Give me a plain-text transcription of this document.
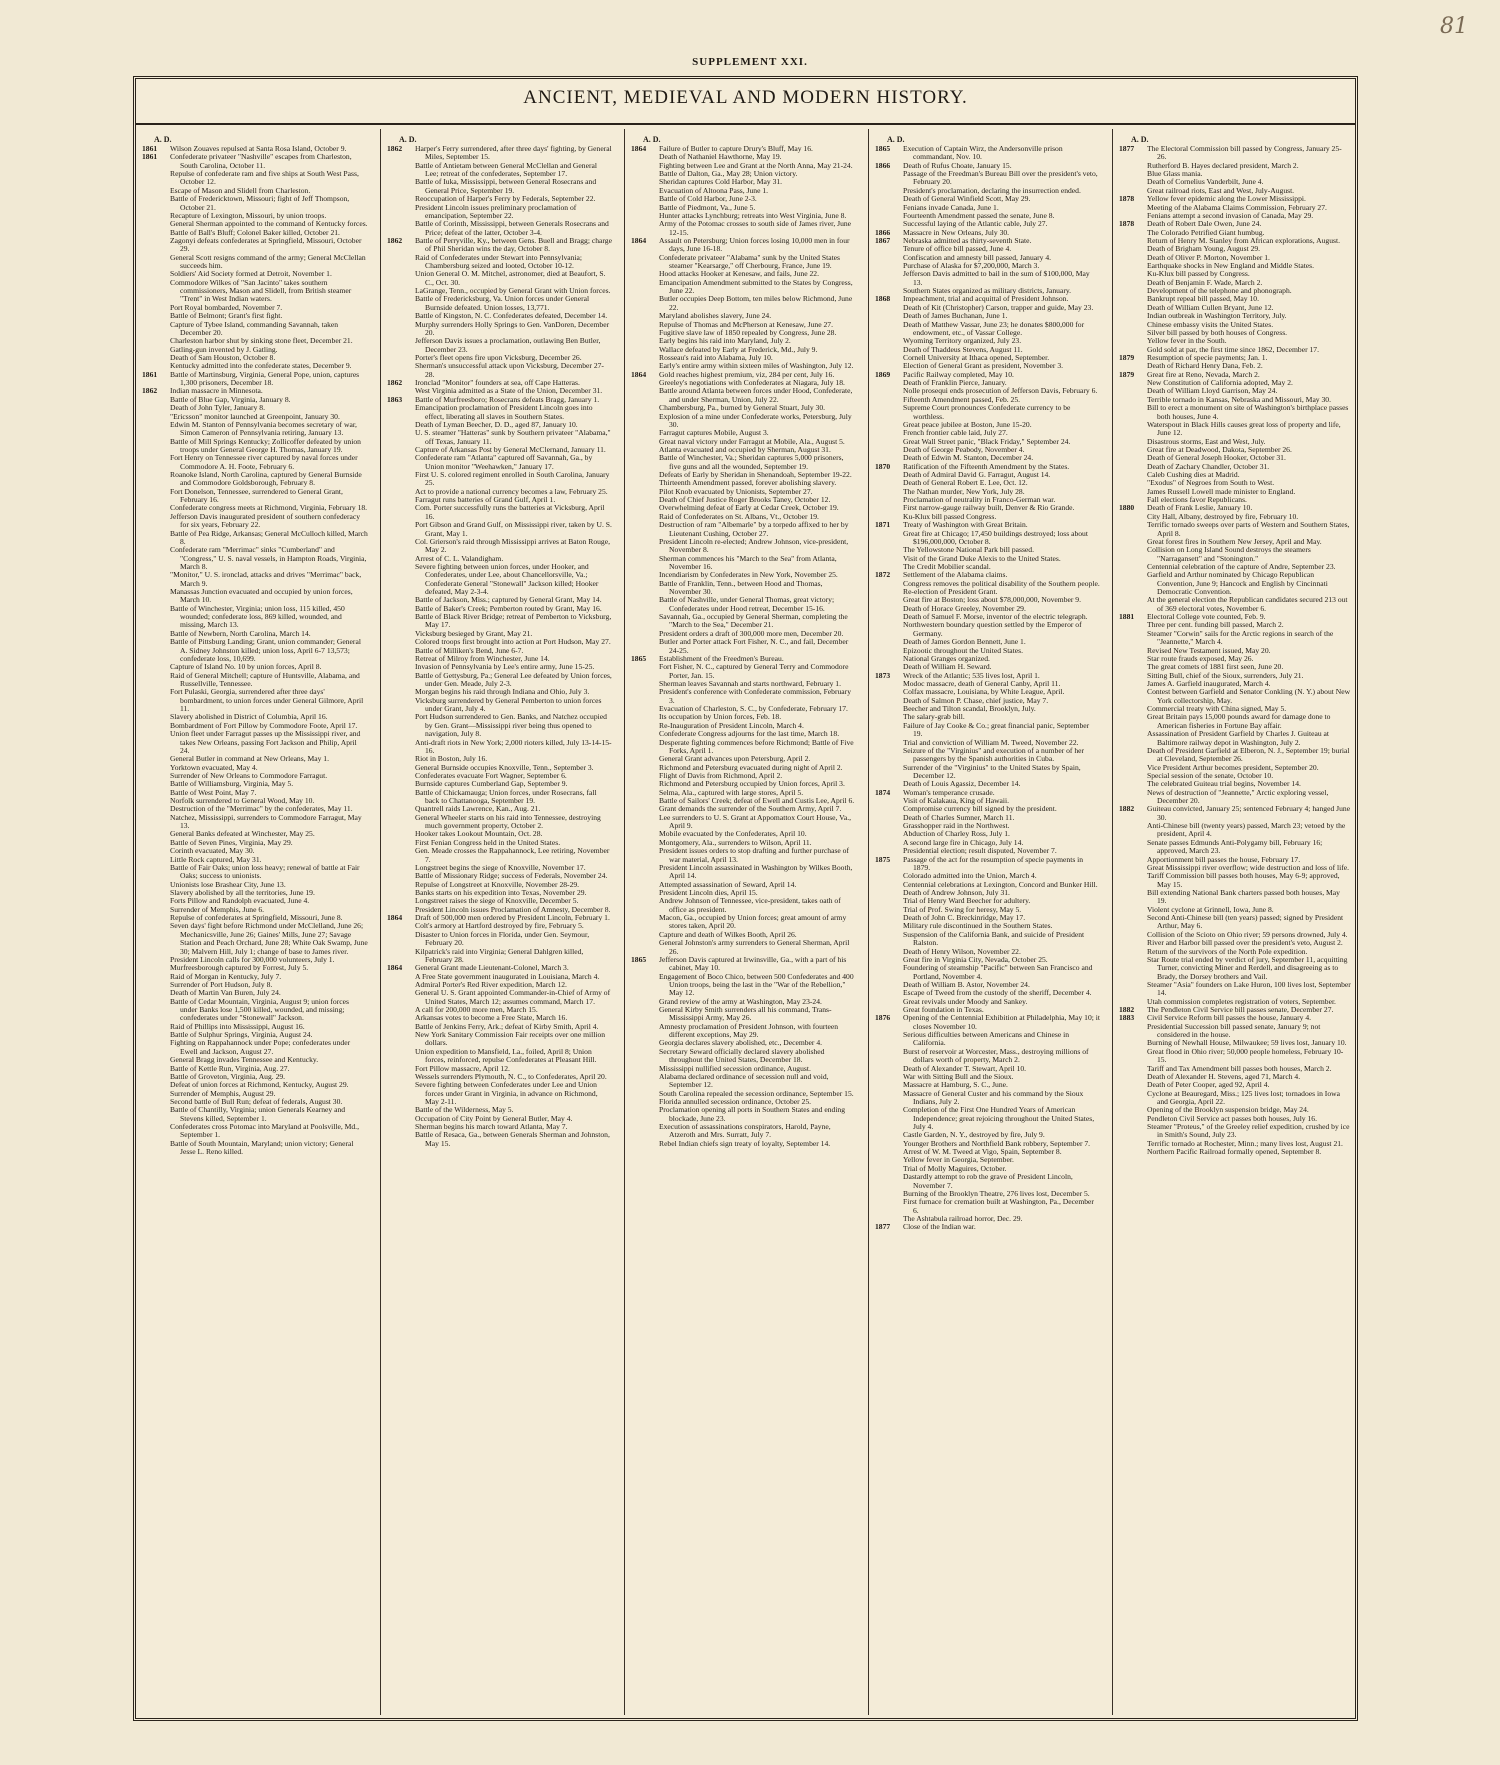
81
SUPPLEMENT XXI.
ANCIENT, MEDIEVAL AND MODERN HISTORY.
A. D.
1861	Wilson Zouaves repulsed at Santa Rosa Island, October 9.
1861	Confederate privateer "Nashville" escapes from Charleston, South Carolina, October 11.
Repulse of confederate ram and five ships at South West Pass, October 12.
Escape of Mason and Slidell from Charleston.
Battle of Fredericktown, Missouri; fight of Jeff Thompson, October 21.
Recapture of Lexington, Missouri, by union troops.
General Sherman appointed to the command of Kentucky forces.
Battle of Ball's Bluff; Colonel Baker killed, October 21.
Zagonyi defeats confederates at Springfield, Missouri, October 29.
General Scott resigns command of the army; General McClellan succeeds him.
Soldiers' Aid Society formed at Detroit, November 1.
Commodore Wilkes of "San Jacinto" takes southern commissioners, Mason and Slidell, from British steamer "Trent" in West Indian waters.
Port Royal bombarded, November 7.
Battle of Belmont; Grant's first fight.
Capture of Tybee Island, commanding Savannah, taken December 20.
Charleston harbor shut by sinking stone fleet, December 21.
Gatling-gun invented by J. Gatling.
Death of Sam Houston, October 8.
Kentucky admitted into the confederate states, December 9.
1861	Battle of Martinsburg, Virginia, General Pope, union, captures 1,300 prisoners, December 18.
1862	Indian massacre in Minnesota.
Battle of Blue Gap, Virginia, January 8.
Death of John Tyler, January 8.
"Ericsson" monitor launched at Greenpoint, January 30.
Edwin M. Stanton of Pennsylvania becomes secretary of war, Simon Cameron of Pennsylvania retiring, January 13.
Battle of Mill Springs Kentucky; Zollicoffer defeated by union troops under General George H. Thomas, January 19.
Fort Henry on Tennessee river captured by naval forces under Commodore A. H. Foote, February 6.
Roanoke Island, North Carolina, captured by General Burnside and Commodore Goldsborough, February 8.
Fort Donelson, Tennessee, surrendered to General Grant, February 16.
Confederate congress meets at Richmond, Virginia, February 18.
Jefferson Davis inaugurated president of southern confederacy for six years, February 22.
Battle of Pea Ridge, Arkansas; General McCulloch killed, March 8.
Confederate ram "Merrimac" sinks "Cumberland" and "Congress," U. S. naval vessels, in Hampton Roads, Virginia, March 8.
"Monitor," U. S. ironclad, attacks and drives "Merrimac" back, March 9.
Manassas Junction evacuated and occupied by union forces, March 10.
Battle of Winchester, Virginia; union loss, 115 killed, 450 wounded; confederate loss, 869 killed, wounded, and missing, March 13.
Battle of Newbern, North Carolina, March 14.
Battle of Pittsburg Landing; Grant, union commander; General A. Sidney Johnston killed; union loss, April 6-7 13,573; confederate loss, 10,699.
Capture of Island No. 10 by union forces, April 8.
Raid of General Mitchell; capture of Huntsville, Alabama, and Russellville, Tennessee.
Fort Pulaski, Georgia, surrendered after three days' bombardment, to union forces under General Gilmore, April 11.
Slavery abolished in District of Columbia, April 16.
Bombardment of Fort Pillow by Commodore Foote, April 17.
Union fleet under Farragut passes up the Mississippi river, and takes New Orleans, passing Fort Jackson and Philip, April 24.
General Butler in command at New Orleans, May 1.
Yorktown evacuated, May 4.
Surrender of New Orleans to Commodore Farragut.
Battle of Williamsburg, Virginia, May 5.
Battle of West Point, May 7.
Norfolk surrendered to General Wood, May 10.
Destruction of the "Merrimac" by the confederates, May 11.
Natchez, Mississippi, surrenders to Commodore Farragut, May 13.
General Banks defeated at Winchester, May 25.
Battle of Seven Pines, Virginia, May 29.
Corinth evacuated, May 30.
Little Rock captured, May 31.
Battle of Fair Oaks; union loss heavy; renewal of battle at Fair Oaks; success to unionists.
Unionists lose Brashear City, June 13.
Slavery abolished by all the territories, June 19.
Forts Pillow and Randolph evacuated, June 4.
Surrender of Memphis, June 6.
Repulse of confederates at Springfield, Missouri, June 8.
Seven days' fight before Richmond under McClelland, June 26; Mechanicsville, June 26; Gaines' Mills, June 27; Savage Station and Peach Orchard, June 28; White Oak Swamp, June 30; Malvern Hill, July 1; change of base to James river.
President Lincoln calls for 300,000 volunteers, July 1.
Murfreesborough captured by Forrest, July 5.
Raid of Morgan in Kentucky, July 7.
Surrender of Port Hudson, July 8.
Death of Martin Van Buren, July 24.
Battle of Cedar Mountain, Virginia, August 9; union forces under Banks lose 1,500 killed, wounded, and missing; confederates under "Stonewall" Jackson.
Raid of Phillips into Mississippi, August 16.
Battle of Sulphur Springs, Virginia, August 24.
Fighting on Rappahannock under Pope; confederates under Ewell and Jackson, August 27.
General Bragg invades Tennessee and Kentucky.
Battle of Kettle Run, Virginia, Aug. 27.
Battle of Groveton, Virginia, Aug. 29.
Defeat of union forces at Richmond, Kentucky, August 29.
Surrender of Memphis, August 29.
Second battle of Bull Run; defeat of federals, August 30.
Battle of Chantilly, Virginia; union Generals Kearney and Stevens killed, September 1.
Confederates cross Potomac into Maryland at Poolsville, Md., September 1.
Battle of South Mountain, Maryland; union victory; General Jesse L. Reno killed.
A. D.
1862	Harper's Ferry surrendered, after three days' fighting, by General Miles, September 15.
Battle of Antietam between General McClellan and General Lee; retreat of the confederates, September 17.
Battle of Iuka, Mississippi, between General Rosecrans and General Price, September 19.
Reoccupation of Harper's Ferry by Federals, September 22.
President Lincoln issues preliminary proclamation of emancipation, September 22.
Battle of Corinth, Mississippi, between Generals Rosecrans and Price; defeat of the latter, October 3-4.
1862	Battle of Perryville, Ky., between Gens. Buell and Bragg; charge of Phil Sheridan wins the day, October 8.
Raid of Confederates under Stewart into Pennsylvania; Chambersburg seized and looted, October 10-12.
Union General O. M. Mitchel, astronomer, died at Beaufort, S. C., Oct. 30.
LaGrange, Tenn., occupied by General Grant with Union forces.
Battle of Fredericksburg, Va. Union forces under General Burnside defeated. Union losses, 13,771.
Battle of Kingston, N. C. Confederates defeated, December 14.
Murphy surrenders Holly Springs to Gen. VanDoren, December 20.
Jefferson Davis issues a proclamation, outlawing Ben Butler, December 23.
Porter's fleet opens fire upon Vicksburg, December 26.
Sherman's unsuccessful attack upon Vicksburg, December 27-28.
1862	Ironclad "Monitor" founders at sea, off Cape Hatteras.
West Virginia admitted as a State of the Union, December 31.
1863	Battle of Murfreesboro; Rosecrans defeats Bragg, January 1.
Emancipation proclamation of President Lincoln goes into effect, liberating all slaves in Southern States.
Death of Lyman Beecher, D. D., aged 87, January 10.
U. S. steamer "Hatteras" sunk by Southern privateer "Alabama," off Texas, January 11.
Capture of Arkansas Post by General McClernand, January 11.
Confederate ram "Atlanta" captured off Savannah, Ga., by Union monitor "Weehawken," January 17.
First U. S. colored regiment enrolled in South Carolina, January 25.
Act to provide a national currency becomes a law, February 25.
Farragut runs batteries of Grand Gulf, April 1.
Com. Porter successfully runs the batteries at Vicksburg, April 16.
Port Gibson and Grand Gulf, on Mississippi river, taken by U. S. Grant, May 1.
Col. Grierson's raid through Mississippi arrives at Baton Rouge, May 2.
Arrest of C. L. Valandigham.
Severe fighting between union forces, under Hooker, and Confederates, under Lee, about Chancellorsville, Va.; Confederate General "Stonewall" Jackson killed; Hooker defeated, May 2-3-4.
Battle of Jackson, Miss.; captured by General Grant, May 14.
Battle of Baker's Creek; Pemberton routed by Grant, May 16.
Battle of Black River Bridge; retreat of Pemberton to Vicksburg, May 17.
Vicksburg besieged by Grant, May 21.
Colored troops first brought into action at Port Hudson, May 27.
Battle of Milliken's Bend, June 6-7.
Retreat of Milroy from Winchester, June 14.
Invasion of Pennsylvania by Lee's entire army, June 15-25.
Battle of Gettysburg, Pa.; General Lee defeated by Union forces, under Gen. Meade, July 2-3.
Morgan begins his raid through Indiana and Ohio, July 3.
Vicksburg surrendered by General Pemberton to union forces under Grant, July 4.
Port Hudson surrendered to Gen. Banks, and Natchez occupied by Gen. Grant—Mississippi river being thus opened to navigation, July 8.
Anti-draft riots in New York; 2,000 rioters killed, July 13-14-15-16.
Riot in Boston, July 16.
General Burnside occupies Knoxville, Tenn., September 3.
Confederates evacuate Fort Wagner, September 6.
Burnside captures Cumberland Gap, September 9.
Battle of Chickamauga; Union forces, under Rosecrans, fall back to Chattanooga, September 19.
Quantrell raids Lawrence, Kan., Aug. 21.
General Wheeler starts on his raid into Tennessee, destroying much government property, October 2.
Hooker takes Lookout Mountain, Oct. 28.
First Fenian Congress held in the United States.
Gen. Meade crosses the Rappahannock, Lee retiring, November 7.
Longstreet begins the siege of Knoxville, November 17.
Battle of Missionary Ridge; success of Federals, November 24.
Repulse of Longstreet at Knoxville, November 28-29.
Banks starts on his expedition into Texas, November 29.
Longstreet raises the siege of Knoxville, December 5.
President Lincoln issues Proclamation of Amnesty, December 8.
1864	Draft of 500,000 men ordered by President Lincoln, February 1.
Colt's armory at Hartford destroyed by fire, February 5.
Disaster to Union forces in Florida, under Gen. Seymour, February 20.
Kilpatrick's raid into Virginia; General Dahlgren killed, February 28.
1864	General Grant made Lieutenant-Colonel, March 3.
A Free State government inaugurated in Louisiana, March 4.
Admiral Porter's Red River expedition, March 12.
General U. S. Grant appointed Commander-in-Chief of Army of United States, March 12; assumes command, March 17.
A call for 200,000 more men, March 15.
Arkansas votes to become a Free State, March 16.
Battle of Jenkins Ferry, Ark.; defeat of Kirby Smith, April 4.
New York Sanitary Commission Fair receipts over one million dollars.
Union expedition to Mansfield, La., foiled, April 8; Union forces, reinforced, repulse Confederates at Pleasant Hill.
Fort Pillow massacre, April 12.
Wessels surrenders Plymouth, N. C., to Confederates, April 20.
Severe fighting between Confederates under Lee and Union forces under Grant in Virginia, in advance on Richmond, May 2-11.
Battle of the Wilderness, May 5.
Occupation of City Point by General Butler, May 4.
Sherman begins his march toward Atlanta, May 7.
Battle of Resaca, Ga., between Generals Sherman and Johnston, May 15.
A. D.
1864	Failure of Butler to capture Drury's Bluff, May 16.
Death of Nathaniel Hawthorne, May 19.
Fighting between Lee and Grant at the North Anna, May 21-24.
Battle of Dalton, Ga., May 28; Union victory.
Sheridan captures Cold Harbor, May 31.
Evacuation of Altoona Pass, June 1.
Battle of Cold Harbor, June 2-3.
Battle of Piedmont, Va., June 5.
Hunter attacks Lynchburg; retreats into West Virginia, June 8.
Army of the Potomac crosses to south side of James river, June 12-15.
1864	Assault on Petersburg; Union forces losing 10,000 men in four days, June 16-18.
Confederate privateer "Alabama" sunk by the United States steamer "Kearsarge," off Cherbourg, France, June 19.
Hood attacks Hooker at Kenesaw, and fails, June 22.
Emancipation Amendment submitted to the States by Congress, June 22.
Butler occupies Deep Bottom, ten miles below Richmond, June 22.
Maryland abolishes slavery, June 24.
Repulse of Thomas and McPherson at Kenesaw, June 27.
Fugitive slave law of 1850 repealed by Congress, June 28.
Early begins his raid into Maryland, July 2.
Wallace defeated by Early at Frederick, Md., July 9.
Rosseau's raid into Alabama, July 10.
Early's entire army within sixteen miles of Washington, July 12.
1864	Gold reaches highest premium, viz, 284 per cent, July 16.
Greeley's negotiations with Confederates at Niagara, July 18.
Battle around Atlanta between forces under Hood, Confederate, and under Sherman, Union, July 22.
Chambersburg, Pa., burned by General Stuart, July 30.
Explosion of a mine under Confederate works, Petersburg, July 30.
Farragut captures Mobile, August 3.
Great naval victory under Farragut at Mobile, Ala., August 5.
Atlanta evacuated and occupied by Sherman, August 31.
Battle of Winchester, Va.; Sheridan captures 5,000 prisoners, five guns and all the wounded, September 19.
Defeats of Early by Sheridan in Shenandoah, September 19-22.
Thirteenth Amendment passed, forever abolishing slavery.
Pilot Knob evacuated by Unionists, September 27.
Death of Chief Justice Roger Brooks Taney, October 12.
Overwhelming defeat of Early at Cedar Creek, October 19.
Raid of Confederates on St. Albans, Vt., October 19.
Destruction of ram "Albemarle" by a torpedo affixed to her by Lieutenant Cushing, October 27.
President Lincoln re-elected; Andrew Johnson, vice-president, November 8.
Sherman commences his "March to the Sea" from Atlanta, November 16.
Incendiarism by Confederates in New York, November 25.
Battle of Franklin, Tenn., between Hood and Thomas, November 30.
Battle of Nashville, under General Thomas, great victory; Confederates under Hood retreat, December 15-16.
Savannah, Ga., occupied by General Sherman, completing the "March to the Sea," December 21.
President orders a draft of 300,000 more men, December 20.
Butler and Porter attack Fort Fisher, N. C., and fail, December 24-25.
1865	Establishment of the Freedmen's Bureau.
Fort Fisher, N. C., captured by General Terry and Commodore Porter, Jan. 15.
Sherman leaves Savannah and starts northward, February 1.
President's conference with Confederate commission, February 3.
Evacuation of Charleston, S. C., by Confederate, February 17.
Its occupation by Union forces, Feb. 18.
Re-Inauguration of President Lincoln, March 4.
Confederate Congress adjourns for the last time, March 18.
Desperate fighting commences before Richmond; Battle of Five Forks, April 1.
General Grant advances upon Petersburg, April 2.
Richmond and Petersburg evacuated during night of April 2.
Flight of Davis from Richmond, April 2.
Richmond and Petersburg occupied by Union forces, April 3.
Selma, Ala., captured with large stores, April 5.
Battle of Sailors' Creek; defeat of Ewell and Custis Lee, April 6.
Grant demands the surrender of the Southern Army, April 7.
Lee surrenders to U. S. Grant at Appomattox Court House, Va., April 9.
Mobile evacuated by the Confederates, April 10.
Montgomery, Ala., surrenders to Wilson, April 11.
President issues orders to stop drafting and further purchase of war material, April 13.
President Lincoln assassinated in Washington by Wilkes Booth, April 14.
Attempted assassination of Seward, April 14.
President Lincoln dies, April 15.
Andrew Johnson of Tennessee, vice-president, takes oath of office as president.
Macon, Ga., occupied by Union forces; great amount of army stores taken, April 20.
Capture and death of Wilkes Booth, April 26.
General Johnston's army surrenders to General Sherman, April 26.
1865	Jefferson Davis captured at Irwinsville, Ga., with a part of his cabinet, May 10.
Engagement of Boco Chico, between 500 Confederates and 400 Union troops, being the last in the "War of the Rebellion," May 12.
Grand review of the army at Washington, May 23-24.
General Kirby Smith surrenders all his command, Trans-Mississippi Army, May 26.
Amnesty proclamation of President Johnson, with fourteen different exceptions, May 29.
Georgia declares slavery abolished, etc., December 4.
Secretary Seward officially declared slavery abolished throughout the United States, December 18.
Mississippi nullified secession ordinance, August.
Alabama declared ordinance of secession null and void, September 12.
South Carolina repealed the secession ordinance, September 15.
Florida annulled secession ordinance, October 25.
Proclamation opening all ports in Southern States and ending blockade, June 23.
Execution of assassinations conspirators, Harold, Payne, Atzeroth and Mrs. Surratt, July 7.
Rebel Indian chiefs sign treaty of loyalty, September 14.
A. D.
1865	Execution of Captain Wirz, the Andersonville prison commandant, Nov. 10.
1866	Death of Rufus Choate, January 15.
Passage of the Freedman's Bureau Bill over the president's veto, February 20.
President's proclamation, declaring the insurrection ended.
Death of General Winfield Scott, May 29.
Fenians invade Canada, June 1.
Fourteenth Amendment passed the senate, June 8.
Successful laying of the Atlantic cable, July 27.
1866	Massacre in New Orleans, July 30.
1867	Nebraska admitted as thirty-seventh State.
Tenure of office bill passed, June 4.
Confiscation and amnesty bill passed, January 4.
Purchase of Alaska for $7,200,000, March 3.
Jefferson Davis admitted to bail in the sum of $100,000, May 13.
Southern States organized as military districts, January.
1868	Impeachment, trial and acquittal of President Johnson.
Death of Kit (Christopher) Carson, trapper and guide, May 23.
Death of James Buchanan, June 1.
Death of Matthew Vassar, June 23; he donates $800,000 for endowment, etc., of Vassar College.
Wyoming Territory organized, July 23.
Death of Thaddeus Stevens, August 11.
Cornell University at Ithaca opened, September.
Election of General Grant as president, November 3.
1869	Pacific Railway completed, May 10.
Death of Franklin Pierce, January.
Nolle prosequi ends prosecution of Jefferson Davis, February 6.
Fifteenth Amendment passed, Feb. 25.
Supreme Court pronounces Confederate currency to be worthless.
Great peace jubilee at Boston, June 15-20.
French frontier cable laid, July 27.
Great Wall Street panic, "Black Friday," September 24.
Death of George Peabody, November 4.
Death of Edwin M. Stanton, December 24.
1870	Ratification of the Fifteenth Amendment by the States.
Death of Admiral David G. Farragut, August 14.
Death of General Robert E. Lee, Oct. 12.
The Nathan murder, New York, July 28.
Proclamation of neutrality in Franco-German war.
First narrow-gauge railway built, Denver & Rio Grande.
Ku-Klux bill passed Congress.
1871	Treaty of Washington with Great Britain.
Great fire at Chicago; 17,450 buildings destroyed; loss about $196,000,000, October 8.
The Yellowstone National Park bill passed.
Visit of the Grand Duke Alexis to the United States.
The Credit Mobilier scandal.
1872	Settlement of the Alabama claims.
Congress removes the political disability of the Southern people.
Re-election of President Grant.
Great fire at Boston; loss about $78,000,000, November 9.
Death of Horace Greeley, November 29.
Death of Samuel F. Morse, inventor of the electric telegraph.
Northwestern boundary question settled by the Emperor of Germany.
Death of James Gordon Bennett, June 1.
Epizootic throughout the United States.
National Granges organized.
Death of William H. Seward.
1873	Wreck of the Atlantic; 535 lives lost, April 1.
Modoc massacre, death of General Canby, April 11.
Colfax massacre, Louisiana, by White League, April.
Death of Salmon P. Chase, chief justice, May 7.
Beecher and Tilton scandal, Brooklyn, July.
The salary-grab bill.
Failure of Jay Cooke & Co.; great financial panic, September 19.
Trial and conviction of William M. Tweed, November 22.
Seizure of the "Virginius" and execution of a number of her passengers by the Spanish authorities in Cuba.
Surrender of the "Virginius" to the United States by Spain, December 12.
Death of Louis Agassiz, December 14.
1874	Woman's temperance crusade.
Visit of Kalakaua, King of Hawaii.
Compromise currency bill signed by the president.
Death of Charles Sumner, March 11.
Grasshopper raid in the Northwest.
Abduction of Charley Ross, July 1.
A second large fire in Chicago, July 14.
Presidential election; result disputed, November 7.
1875	Passage of the act for the resumption of specie payments in 1879.
Colorado admitted into the Union, March 4.
Centennial celebrations at Lexington, Concord and Bunker Hill.
Death of Andrew Johnson, July 31.
Trial of Henry Ward Beecher for adultery.
Trial of Prof. Swing for heresy, May 5.
Death of John C. Breckinridge, May 17.
Military rule discontinued in the Southern States.
Suspension of the California Bank, and suicide of President Ralston.
Death of Henry Wilson, November 22.
Great fire in Virginia City, Nevada, October 25.
Foundering of steamship "Pacific" between San Francisco and Portland, November 4.
Death of William B. Astor, November 24.
Escape of Tweed from the custody of the sheriff, December 4.
Great revivals under Moody and Sankey.
Great foundation in Texas.
1876	Opening of the Centennial Exhibition at Philadelphia, May 10; it closes November 10.
Serious difficulties between Americans and Chinese in California.
Burst of reservoir at Worcester, Mass., destroying millions of dollars worth of property, March 2.
Death of Alexander T. Stewart, April 10.
War with Sitting Bull and the Sioux.
Massacre at Hamburg, S. C., June.
Massacre of General Custer and his command by the Sioux Indians, July 2.
Completion of the First One Hundred Years of American Independence; great rejoicing throughout the United States, July 4.
Castle Garden, N. Y., destroyed by fire, July 9.
Younger Brothers and Northfield Bank robbery, September 7.
Arrest of W. M. Tweed at Vigo, Spain, September 8.
Yellow fever in Georgia, September.
Trial of Molly Maguires, October.
Dastardly attempt to rob the grave of President Lincoln, November 7.
Burning of the Brooklyn Theatre, 276 lives lost, December 5.
First furnace for cremation built at Washington, Pa., December 6.
The Ashtabula railroad horror, Dec. 29.
1877	Close of the Indian war.
A. D.
1877	The Electoral Commission bill passed by Congress, January 25-26.
Rutherford B. Hayes declared president, March 2.
Blue Glass mania.
Death of Cornelius Vanderbilt, June 4.
Great railroad riots, East and West, July-August.
1878	Yellow fever epidemic along the Lower Mississippi.
Meeting of the Alabama Claims Commission, February 27.
Fenians attempt a second invasion of Canada, May 29.
1878	Death of Robert Dale Owen, June 24.
The Colorado Petrified Giant humbug.
Return of Henry M. Stanley from African explorations, August.
Death of Brigham Young, August 29.
Death of Oliver P. Morton, November 1.
Earthquake shocks in New England and Middle States.
Ku-Klux bill passed by Congress.
Death of Benjamin F. Wade, March 2.
Development of the telephone and phonograph.
Bankrupt repeal bill passed, May 10.
Death of William Cullen Bryant, June 12.
Indian outbreak in Washington Territory, July.
Chinese embassy visits the United States.
Silver bill passed by both houses of Congress.
Yellow fever in the South.
Gold sold at par, the first time since 1862, December 17.
1879	Resumption of specie payments; Jan. 1.
Death of Richard Henry Dana, Feb. 2.
1879	Great fire at Reno, Nevada, March 2.
New Constitution of California adopted, May 2.
Death of William Lloyd Garrison, May 24.
Terrible tornado in Kansas, Nebraska and Missouri, May 30.
Bill to erect a monument on site of Washington's birthplace passes both houses, June 4.
Waterspout in Black Hills causes great loss of property and life, June 12.
Disastrous storms, East and West, July.
Great fire at Deadwood, Dakota, September 26.
Death of General Joseph Hooker, October 31.
Death of Zachary Chandler, October 31.
Caleb Cushing dies at Madrid.
"Exodus" of Negroes from South to West.
James Russell Lowell made minister to England.
Fall elections favor Republicans.
1880	Death of Frank Leslie, January 10.
City Hall, Albany, destroyed by fire, February 10.
Terrific tornado sweeps over parts of Western and Southern States, April 8.
Great forest fires in Southern New Jersey, April and May.
Collision on Long Island Sound destroys the steamers "Narragansett" and "Stonington."
Centennial celebration of the capture of Andre, September 23.
Garfield and Arthur nominated by Chicago Republican Convention, June 9; Hancock and English by Cincinnati Democratic Convention.
At the general election the Republican candidates secured 213 out of 369 electoral votes, November 6.
1881	Electoral College vote counted, Feb. 9.
Three per cent. funding bill passed, March 2.
Steamer "Corwin" sails for the Arctic regions in search of the "Jeannette," March 4.
Revised New Testament issued, May 20.
Star route frauds exposed, May 26.
The great comets of 1881 first seen, June 20.
Sitting Bull, chief of the Sioux, surrenders, July 21.
James A. Garfield inaugurated, March 4.
Contest between Garfield and Senator Conkling (N. Y.) about New York collectorship, May.
Commercial treaty with China signed, May 5.
Great Britain pays 15,000 pounds award for damage done to American fisheries in Fortune Bay affair.
Assassination of President Garfield by Charles J. Guiteau at Baltimore railway depot in Washington, July 2.
Death of President Garfield at Elberon, N. J., September 19; burial at Cleveland, September 26.
Vice President Arthur becomes president, September 20.
Special session of the senate, October 10.
The celebrated Guiteau trial begins, November 14.
News of destruction of "Jeannette," Arctic exploring vessel, December 20.
1882	Guiteau convicted, January 25; sentenced February 4; hanged June 30.
Anti-Chinese bill (twenty years) passed, March 23; vetoed by the president, April 4.
Senate passes Edmunds Anti-Polygamy bill, February 16; approved, March 23.
Apportionment bill passes the house, February 17.
Great Mississippi river overflow; wide destruction and loss of life.
Tariff Commission bill passes both houses, May 6-9; approved, May 15.
Bill extending National Bank charters passed both houses, May 19.
Violent cyclone at Grinnell, Iowa, June 8.
Second Anti-Chinese bill (ten years) passed; signed by President Arthur, May 6.
Collision of the Scioto on Ohio river; 59 persons drowned, July 4.
River and Harbor bill passed over the president's veto, August 2.
Return of the survivors of the North Pole expedition.
Star Route trial ended by verdict of jury, September 11, acquitting Turner, convicting Miner and Rerdell, and disagreeing as to Brady, the Dorsey brothers and Vail.
Steamer "Asia" founders on Lake Huron, 100 lives lost, September 14.
Utah commission completes registration of voters, September.
1882	The Pendleton Civil Service bill passes senate, December 27.
1883	Civil Service Reform bill passes the house, January 4.
Presidential Succession bill passed senate, January 9; not considered in the house.
Burning of Newhall House, Milwaukee; 59 lives lost, January 10.
Great flood in Ohio river; 50,000 people homeless, February 10-15.
Tariff and Tax Amendment bill passes both houses, March 2.
Death of Alexander H. Stevens, aged 71, March 4.
Death of Peter Cooper, aged 92, April 4.
Cyclone at Beauregard, Miss.; 125 lives lost; tornadoes in Iowa and Georgia, April 22.
Opening of the Brooklyn suspension bridge, May 24.
Pendleton Civil Service act passes both houses, July 16.
Steamer "Proteus," of the Greeley relief expedition, crushed by ice in Smith's Sound, July 23.
Terrific tornado at Rochester, Minn.; many lives lost, August 21.
Northern Pacific Railroad formally opened, September 8.
